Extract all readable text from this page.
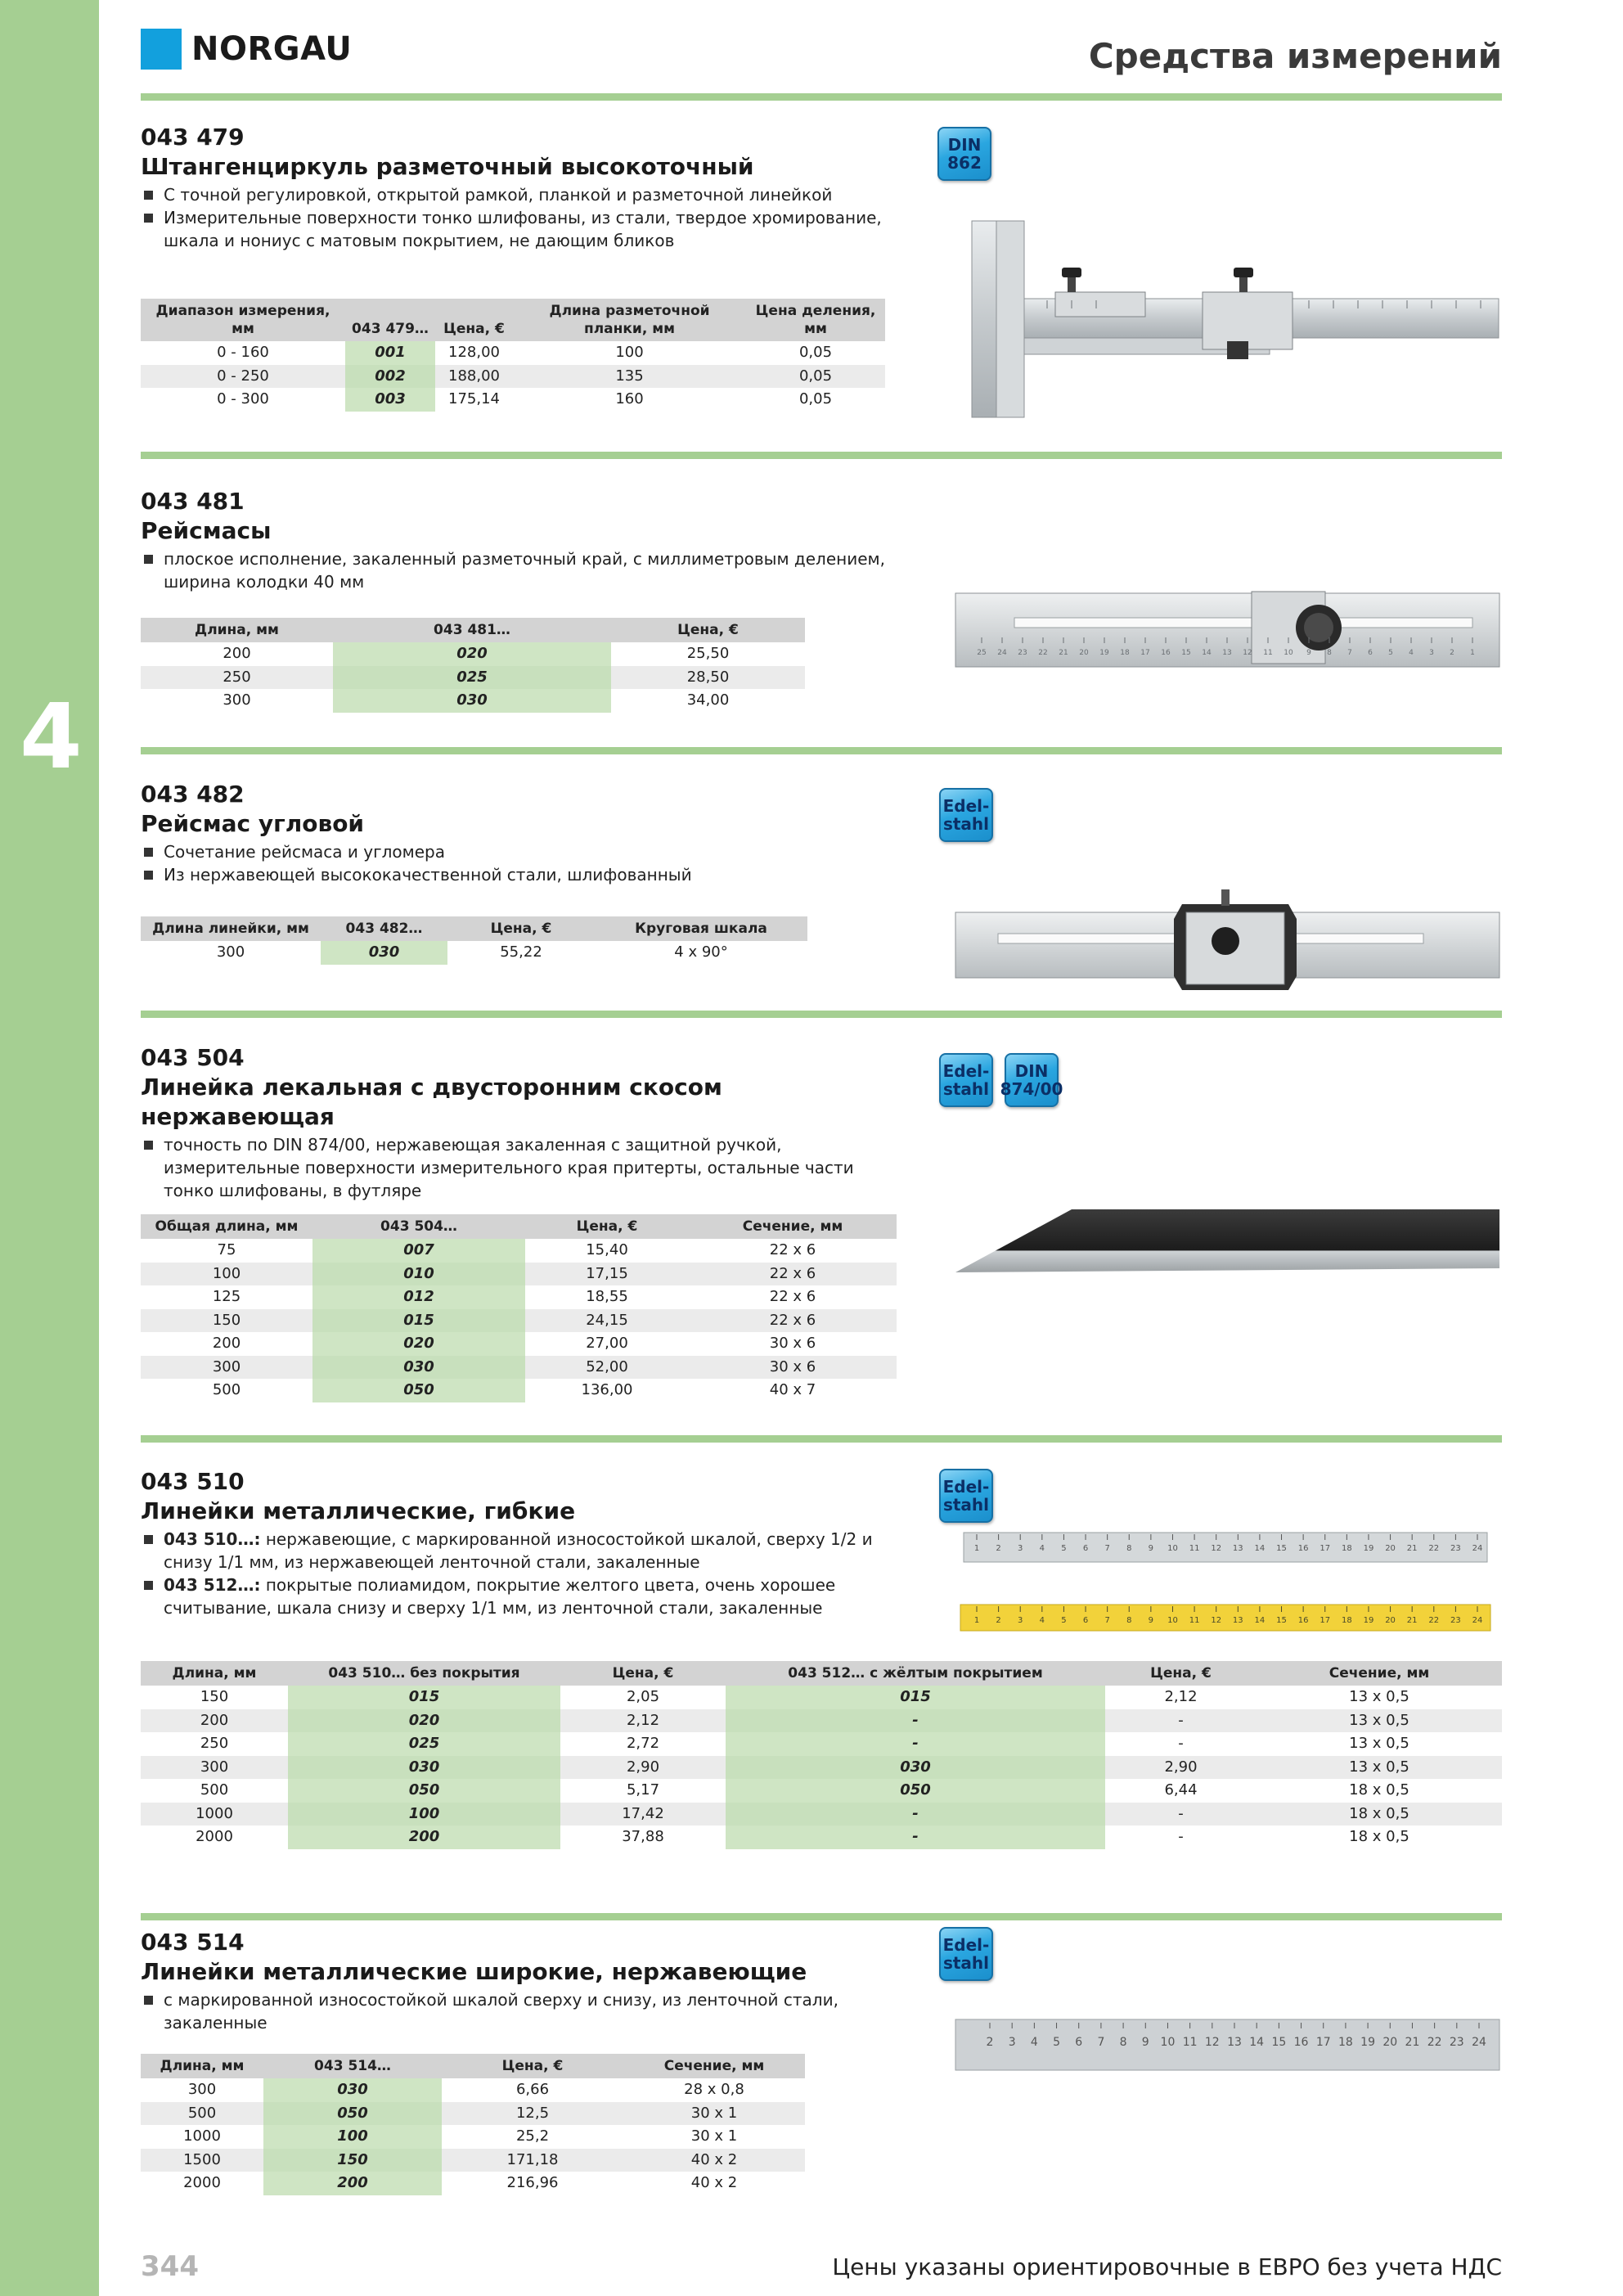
4
NORGAU	Средства измерений
043 479
Штангенциркуль разметочный высокоточный
С точной регулировкой, открытой рамкой, планкой и разметочной линейкой
Измерительные поверхности тонко шлифованы, из стали, твердое хромирование, шкала и нониус с матовым покрытием, не дающим бликов
DIN
862
Диапазон измерения, мм	043 479…	Цена, €	Длина разметочной планки, мм	Цена деления, мм
0 - 160	001	128,00	100	0,05
0 - 250	002	188,00	135	0,05
0 - 300	003	175,14	160	0,05
043 481
Рейсмасы
плоское исполнение, закаленный разметочный край, с миллиметровым делением, ширина колодки 40 мм
Длина, мм	043 481…	Цена, €
200	020	25,50
250	025	28,50
300	030	34,00
25 24 23 22 21 20 19 18 17 16 15 14 13 12 11 10 9 8 7 6 5 4 3 2 1
043 482
Рейсмас угловой
Сочетание рейсмаса и угломера
Из нержавеющей высококачественной стали, шлифованный
Edel-
stahl
Длина линейки, мм	043 482…	Цена, €	Круговая шкала
300	030	55,22	4 x 90°
043 504
Линейка лекальная с двусторонним скосом нержавеющая
точность по DIN 874/00, нержавеющая закаленная с защитной ручкой, измерительные поверхности измерительного края притерты, остальные части тонко шлифованы, в футляре
Edel-
stahl
DIN
874/00
Общая длина, мм	043 504…	Цена, €	Сечение, мм
75	007	15,40	22 x 6
100	010	17,15	22 x 6
125	012	18,55	22 x 6
150	015	24,15	22 x 6
200	020	27,00	30 x 6
300	030	52,00	30 x 6
500	050	136,00	40 x 7
043 510
Линейки металлические, гибкие
043 510…: нержавеющие, с маркированной износостойкой шкалой, сверху 1/2 и снизу 1/1 мм, из нержавеющей ленточной стали, закаленные
043 512…: покрытые полиамидом, покрытие желтого цвета, очень хорошее считывание, шкала снизу и сверху 1/1 мм, из ленточной стали, закаленные
Edel-
stahl
1 2 3 4 5 6 7 8 9 10 11 12 13 14 15 16 17 18 19 20 21 22 23 24
1 2 3 4 5 6 7 8 9 10 11 12 13 14 15 16 17 18 19 20 21 22 23 24
Длина, мм	043 510… без покрытия	Цена, €	043 512… с жёлтым покрытием	Цена, €	Сечение, мм
150	015	2,05	015	2,12	13 x 0,5
200	020	2,12	-	-	13 x 0,5
250	025	2,72	-	-	13 x 0,5
300	030	2,90	030	2,90	13 x 0,5
500	050	5,17	050	6,44	18 x 0,5
1000	100	17,42	-	-	18 x 0,5
2000	200	37,88	-	-	18 x 0,5
043 514
Линейки металлические широкие, нержавеющие
с маркированной износостойкой шкалой сверху и снизу, из ленточной стали, закаленные
Edel-
stahl
2 3 4 5 6 7 8 9 10 11 12 13 14 15 16 17 18 19 20 21 22 23 24
Длина, мм	043 514…	Цена, €	Сечение, мм
300	030	6,66	28 x 0,8
500	050	12,5	30 x 1
1000	100	25,2	30 x 1
1500	150	171,18	40 x 2
2000	200	216,96	40 x 2
344	Цены указаны ориентировочные в ЕВРО без учета НДС
